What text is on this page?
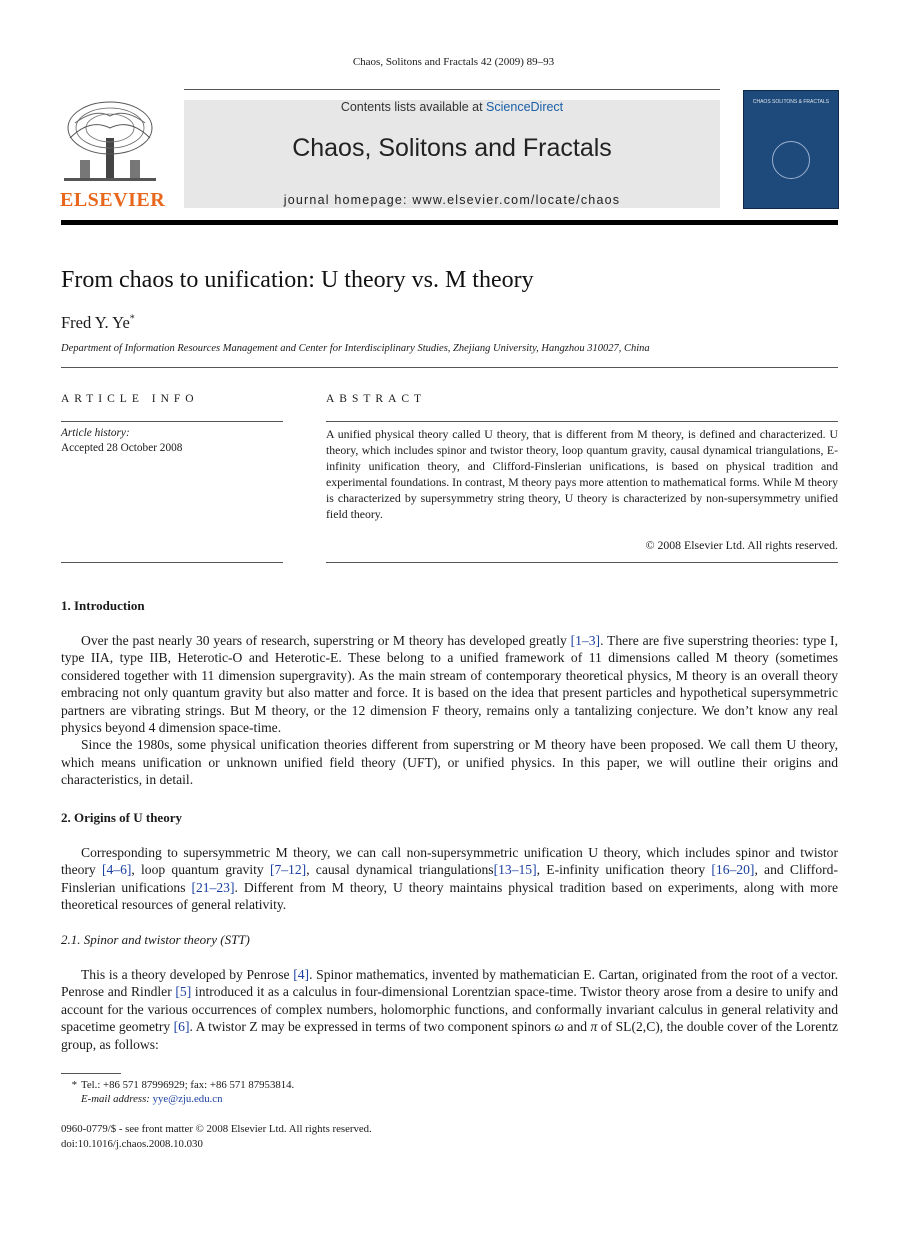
Chaos, Solitons and Fractals 42 (2009) 89–93
ELSEVIER
Contents lists available at ScienceDirect
Chaos, Solitons and Fractals
journal homepage: www.elsevier.com/locate/chaos
CHAOS SOLITONS & FRACTALS
From chaos to unification: U theory vs. M theory
Fred Y. Ye*
Department of Information Resources Management and Center for Interdisciplinary Studies, Zhejiang University, Hangzhou 310027, China
ARTICLE INFO
Article history:
Accepted 28 October 2008
ABSTRACT
A unified physical theory called U theory, that is different from M theory, is defined and characterized. U theory, which includes spinor and twistor theory, loop quantum gravity, causal dynamical triangulations, E-infinity unification theory, and Clifford-Finslerian unifications, is based on physical tradition and experimental foundations. In contrast, M theory pays more attention to mathematical forms. While M theory is characterized by supersymmetry string theory, U theory is characterized by non-supersymmetry unified field theory.
© 2008 Elsevier Ltd. All rights reserved.
1. Introduction

Over the past nearly 30 years of research, superstring or M theory has developed greatly [1–3]. There are five superstring theories: type I, type IIA, type IIB, Heterotic-O and Heterotic-E. These belong to a unified framework of 11 dimensions called M theory (sometimes considered together with 11 dimension supergravity). As the main stream of contemporary theoretical physics, M theory is an overall theory embracing not only quantum gravity but also matter and force. It is based on the idea that present particles and hypothetical supersymmetric partners are vibrating strings. But M theory, or the 12 dimension F theory, remains only a tantalizing conjecture. We don’t know any real physics beyond 4 dimension space-time.

Since the 1980s, some physical unification theories different from superstring or M theory have been proposed. We call them U theory, which means unification or unknown unified field theory (UFT), or unified physics. In this paper, we will outline their origins and characteristics, in detail.

2. Origins of U theory

Corresponding to supersymmetric M theory, we can call non-supersymmetric unification U theory, which includes spinor and twistor theory [4–6], loop quantum gravity [7–12], causal dynamical triangulations[13–15], E-infinity unification theory [16–20], and Clifford-Finslerian unifications [21–23]. Different from M theory, U theory maintains physical tradition based on experiments, along with more theoretical resources of general relativity.

2.1. Spinor and twistor theory (STT)

This is a theory developed by Penrose [4]. Spinor mathematics, invented by mathematician E. Cartan, originated from the root of a vector. Penrose and Rindler [5] introduced it as a calculus in four-dimensional Lorentzian space-time. Twistor theory arose from a desire to unify and account for the various occurrences of complex numbers, holomorphic functions, and conformally invariant calculus in general relativity and spacetime geometry [6]. A twistor Z may be expressed in terms of two component spinors ω and π of SL(2,C), the double cover of the Lorentz group, as follows:

* Tel.: +86 571 87996929; fax: +86 571 87953814.
E-mail address: yye@zju.edu.cn
0960-0779/$ - see front matter © 2008 Elsevier Ltd. All rights reserved.
doi:10.1016/j.chaos.2008.10.030
